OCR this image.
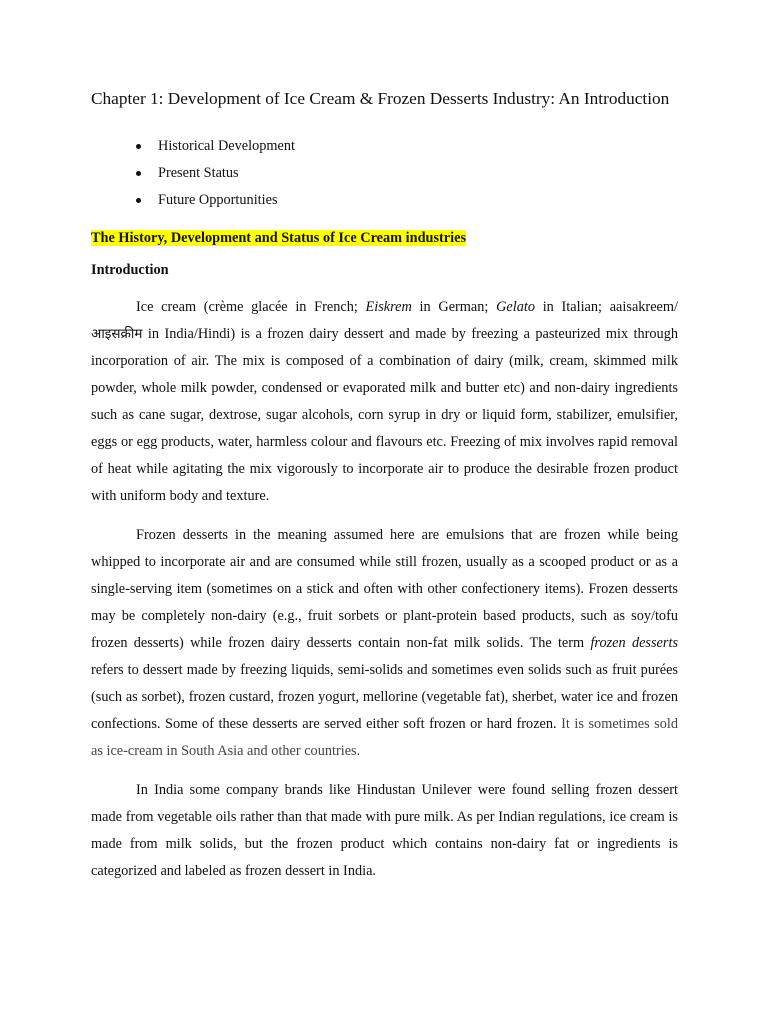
Chapter 1: Development of Ice Cream & Frozen Desserts Industry: An Introduction
Historical Development
Present Status
Future Opportunities
The History, Development and Status of Ice Cream industries
Introduction

Ice cream (crème glacée in French; Eiskrem in German; Gelato in Italian; aaisakreem/ आइसक्रीम in India/Hindi) is a frozen dairy dessert and made by freezing a pasteurized mix through incorporation of air. The mix is composed of a combination of dairy (milk, cream, skimmed milk powder, whole milk powder, condensed or evaporated milk and butter etc) and non-dairy ingredients such as cane sugar, dextrose, sugar alcohols, corn syrup in dry or liquid form, stabilizer, emulsifier, eggs or egg products, water, harmless colour and flavours etc. Freezing of mix involves rapid removal of heat while agitating the mix vigorously to incorporate air to produce the desirable frozen product with uniform body and texture.

Frozen desserts in the meaning assumed here are emulsions that are frozen while being whipped to incorporate air and are consumed while still frozen, usually as a scooped product or as a single-serving item (sometimes on a stick and often with other confectionery items). Frozen desserts may be completely non-dairy (e.g., fruit sorbets or plant-protein based products, such as soy/tofu frozen desserts) while frozen dairy desserts contain non-fat milk solids. The term frozen desserts refers to dessert made by freezing liquids, semi-solids and sometimes even solids such as fruit purées (such as sorbet), frozen custard, frozen yogurt, mellorine (vegetable fat), sherbet, water ice and frozen confections. Some of these desserts are served either soft frozen or hard frozen. It is sometimes sold as ice-cream in South Asia and other countries.

In India some company brands like Hindustan Unilever were found selling frozen dessert made from vegetable oils rather than that made with pure milk. As per Indian regulations, ice cream is made from milk solids, but the frozen product which contains non-dairy fat or ingredients is categorized and labeled as frozen dessert in India.
